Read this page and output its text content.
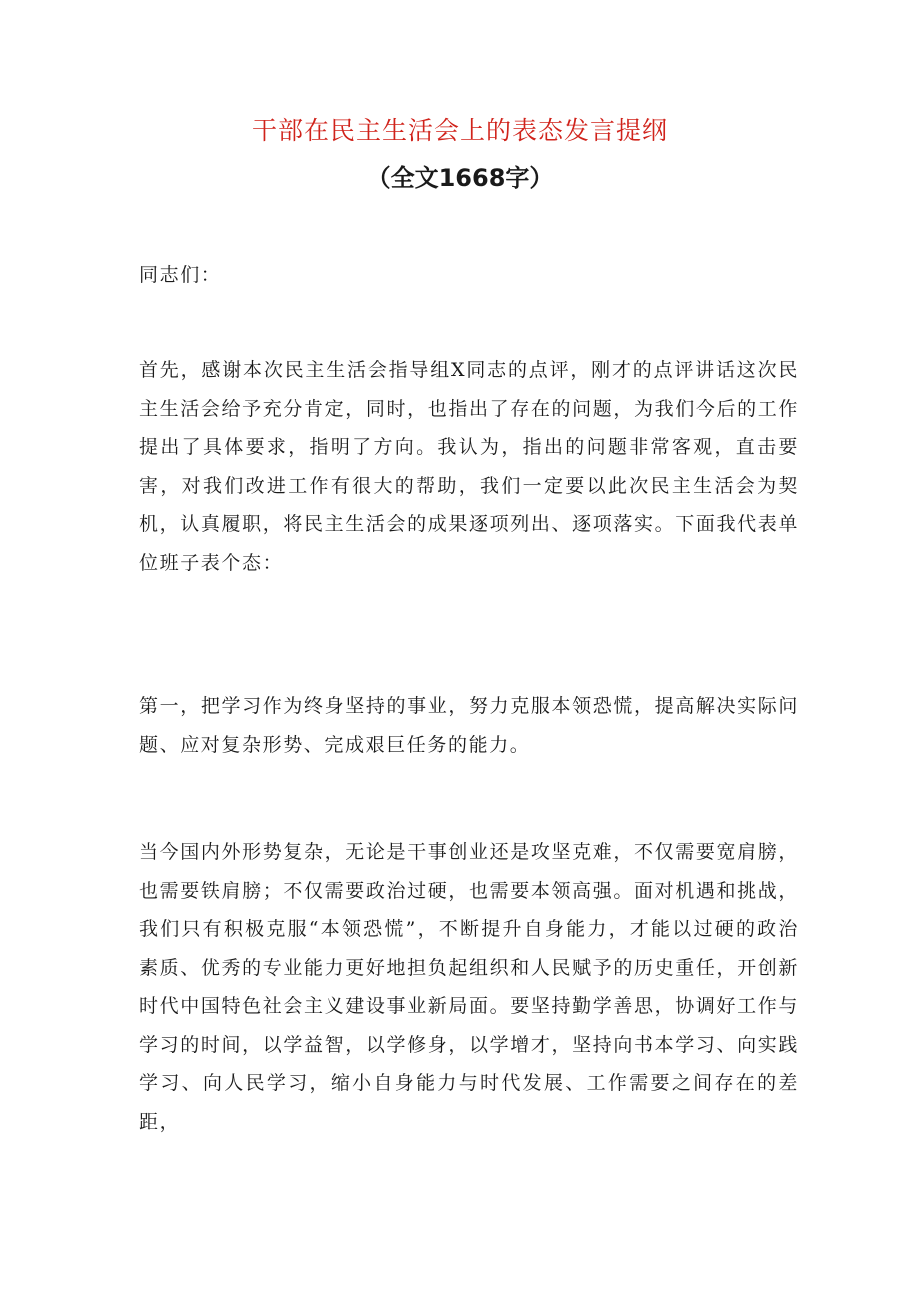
干部在民主生活会上的表态发言提纲
（全文1668字）

同志们：

首先，感谢本次民主生活会指导组X同志的点评，刚才的点评讲话这次民主生活会给予充分肯定，同时，也指出了存在的问题，为我们今后的工作提出了具体要求，指明了方向。我认为，指出的问题非常客观，直击要害，对我们改进工作有很大的帮助，我们一定要以此次民主生活会为契机，认真履职，将民主生活会的成果逐项列出、逐项落实。下面我代表单位班子表个态：

第一，把学习作为终身坚持的事业，努力克服本领恐慌，提高解决实际问题、应对复杂形势、完成艰巨任务的能力。

当今国内外形势复杂，无论是干事创业还是攻坚克难，不仅需要宽肩膀，也需要铁肩膀；不仅需要政治过硬，也需要本领高强。面对机遇和挑战，我们只有积极克服“本领恐慌”，不断提升自身能力，才能以过硬的政治素质、优秀的专业能力更好地担负起组织和人民赋予的历史重任，开创新时代中国特色社会主义建设事业新局面。要坚持勤学善思，协调好工作与学习的时间，以学益智，以学修身，以学增才，坚持向书本学习、向实践学习、向人民学习，缩小自身能力与时代发展、工作需要之间存在的差距，
